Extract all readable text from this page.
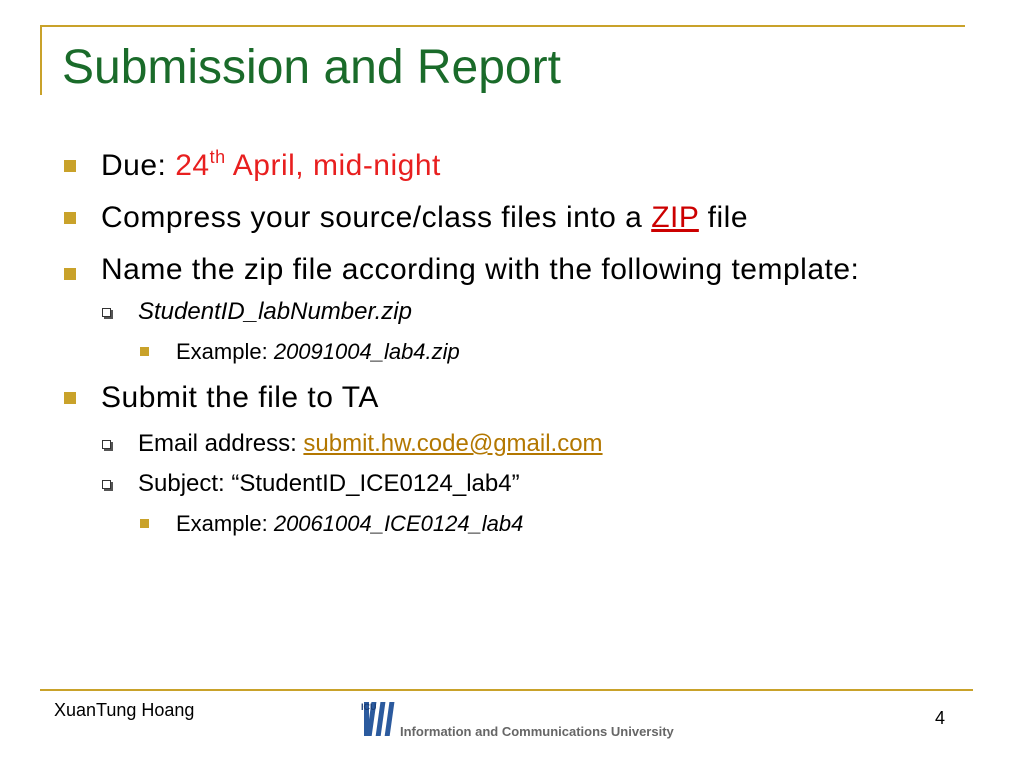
Submission and Report
Due: 24th April, mid-night
Compress your source/class files into a ZIP file
Name the zip file according with the following template:
StudentID_labNumber.zip
Example: 20091004_lab4.zip
Submit the file to TA
Email address: submit.hw.code@gmail.com
Subject: “StudentID_ICE0124_lab4”
Example: 20061004_ICE0124_lab4
XuanTung Hoang	ICU
Information and Communications University
4
